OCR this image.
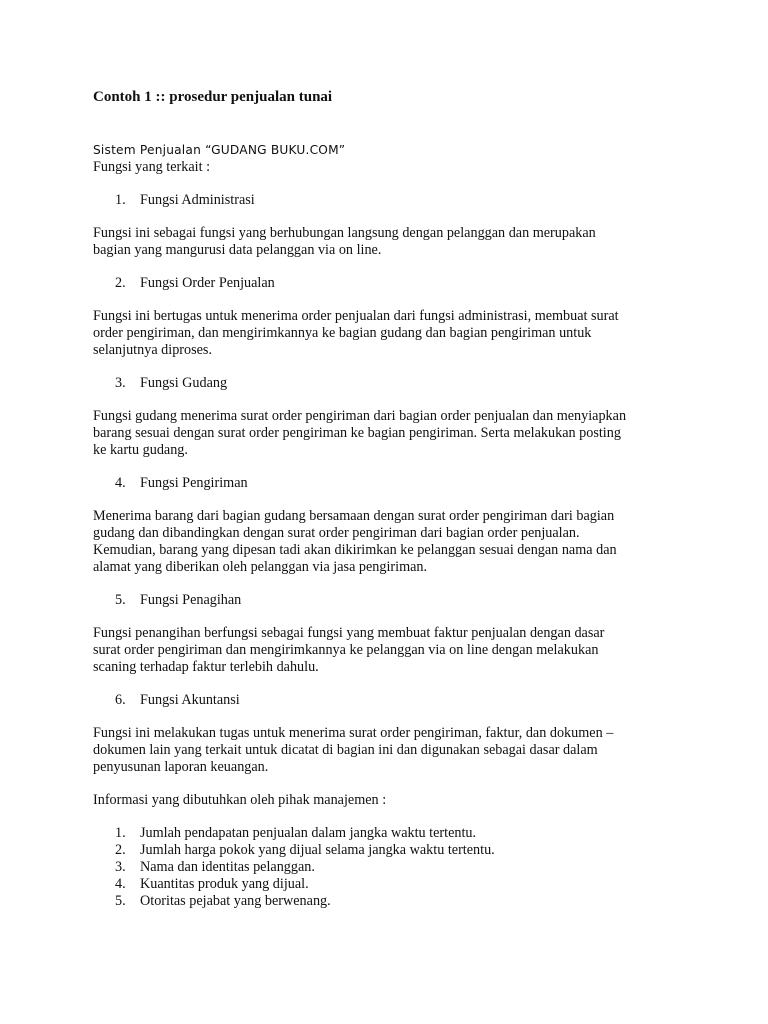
Contoh 1 :: prosedur penjualan tunai

Sistem Penjualan “GUDANG BUKU.COM”

Fungsi yang terkait :

1. Fungsi Administrasi

Fungsi ini sebagai fungsi yang berhubungan langsung dengan pelanggan dan merupakan

bagian yang mangurusi data pelanggan via on line.

2. Fungsi Order Penjualan

Fungsi ini bertugas untuk menerima order penjualan dari fungsi administrasi, membuat surat

order pengiriman, dan mengirimkannya ke bagian gudang dan bagian pengiriman untuk

selanjutnya diproses.

3. Fungsi Gudang

Fungsi gudang menerima surat order pengiriman dari bagian order penjualan dan menyiapkan

barang sesuai dengan surat order pengiriman ke bagian pengiriman. Serta melakukan posting

ke kartu gudang.

4. Fungsi Pengiriman

Menerima barang dari bagian gudang bersamaan dengan surat order pengiriman dari bagian

gudang dan dibandingkan dengan surat order pengiriman dari bagian order penjualan.

Kemudian, barang yang dipesan tadi akan dikirimkan ke pelanggan sesuai dengan nama dan

alamat yang diberikan oleh pelanggan via jasa pengiriman.

5. Fungsi Penagihan

Fungsi penangihan berfungsi sebagai fungsi yang membuat faktur penjualan dengan dasar

surat order pengiriman dan mengirimkannya ke pelanggan via on line dengan melakukan

scaning terhadap faktur terlebih dahulu.

6. Fungsi Akuntansi

Fungsi ini melakukan tugas untuk menerima surat order pengiriman, faktur, dan dokumen –

dokumen lain yang terkait untuk dicatat di bagian ini dan digunakan sebagai dasar dalam

penyusunan laporan keuangan.

Informasi yang dibutuhkan oleh pihak manajemen :

1. Jumlah pendapatan penjualan dalam jangka waktu tertentu.
2. Jumlah harga pokok yang dijual selama jangka waktu tertentu.
3. Nama dan identitas pelanggan.
4. Kuantitas produk yang dijual.
5. Otoritas pejabat yang berwenang.
